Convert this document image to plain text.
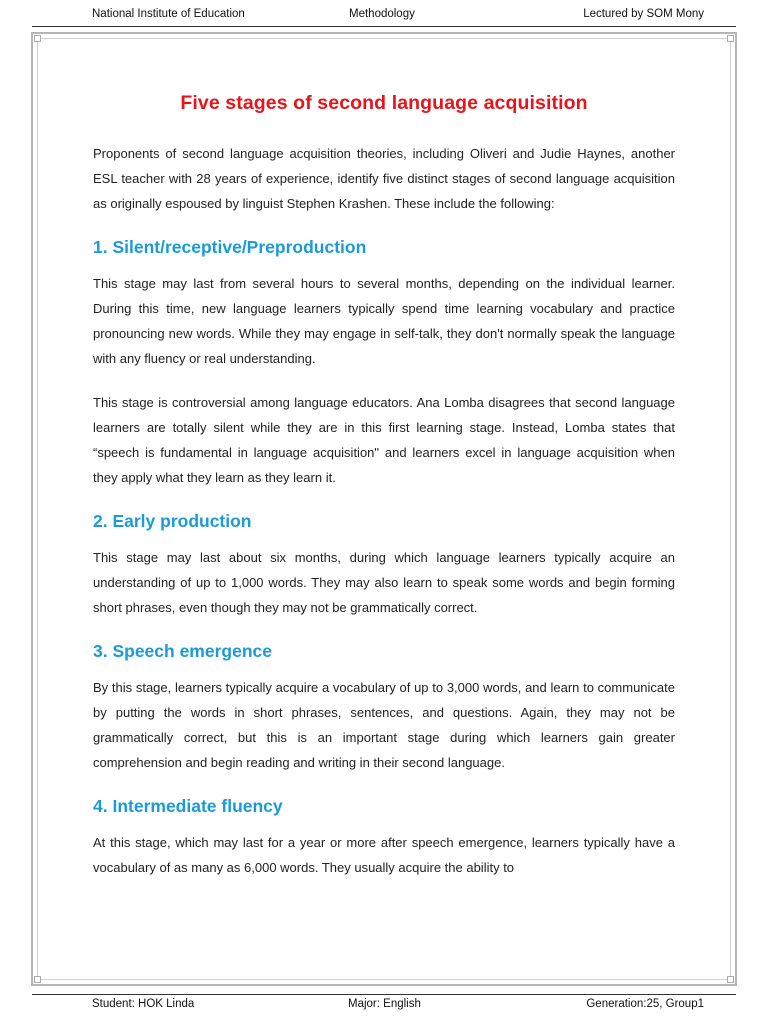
National Institute of Education	Methodology	Lectured by SOM Mony
Five stages of second language acquisition

Proponents of second language acquisition theories, including Oliveri and Judie Haynes, another ESL teacher with 28 years of experience, identify five distinct stages of second language acquisition as originally espoused by linguist Stephen Krashen. These include the following:

1. Silent/receptive/Preproduction

This stage may last from several hours to several months, depending on the individual learner. During this time, new language learners typically spend time learning vocabulary and practice pronouncing new words. While they may engage in self-talk, they don't normally speak the language with any fluency or real understanding.

This stage is controversial among language educators. Ana Lomba disagrees that second language learners are totally silent while they are in this first learning stage. Instead, Lomba states that “speech is fundamental in language acquisition" and learners excel in language acquisition when they apply what they learn as they learn it.

2. Early production

This stage may last about six months, during which language learners typically acquire an understanding of up to 1,000 words. They may also learn to speak some words and begin forming short phrases, even though they may not be grammatically correct.

3. Speech emergence

By this stage, learners typically acquire a vocabulary of up to 3,000 words, and learn to communicate by putting the words in short phrases, sentences, and questions. Again, they may not be grammatically correct, but this is an important stage during which learners gain greater comprehension and begin reading and writing in their second language.

4. Intermediate fluency

At this stage, which may last for a year or more after speech emergence, learners typically have a vocabulary of as many as 6,000 words. They usually acquire the ability to

Student: HOK Linda	Major: English	Generation:25, Group1
